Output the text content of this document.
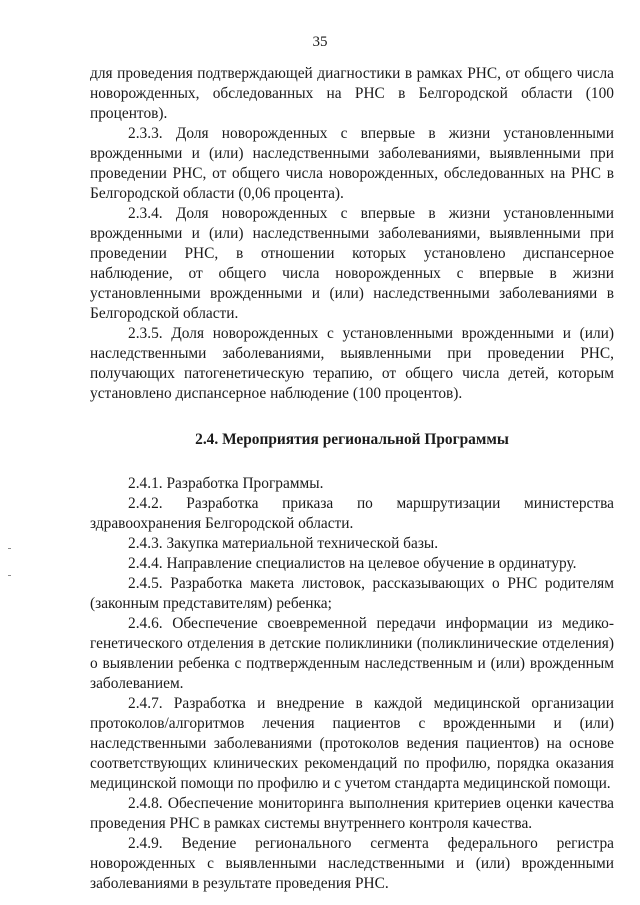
35

для проведения подтверждающей диагностики в рамках РНС, от общего числа новорожденных, обследованных на РНС в Белгородской области (100 процентов).

2.3.3. Доля новорожденных с впервые в жизни установленными врожденными и (или) наследственными заболеваниями, выявленными при проведении РНС, от общего числа новорожденных, обследованных на РНС в Белгородской области (0,06 процента).

2.3.4. Доля новорожденных с впервые в жизни установленными врожденными и (или) наследственными заболеваниями, выявленными при проведении РНС, в отношении которых установлено диспансерное наблюдение, от общего числа новорожденных с впервые в жизни установленными врожденными и (или) наследственными заболеваниями в Белгородской области.

2.3.5. Доля новорожденных с установленными врожденными и (или) наследственными заболеваниями, выявленными при проведении РНС, получающих патогенетическую терапию, от общего числа детей, которым установлено диспансерное наблюдение (100 процентов).

2.4. Мероприятия региональной Программы

2.4.1. Разработка Программы.

2.4.2. Разработка приказа по маршрутизации министерства здравоохранения Белгородской области.

2.4.3. Закупка материальной технической базы.

2.4.4. Направление специалистов на целевое обучение в ординатуру.

2.4.5. Разработка макета листовок, рассказывающих о РНС родителям (законным представителям) ребенка;

2.4.6. Обеспечение своевременной передачи информации из медико-генетического отделения в детские поликлиники (поликлинические отделения) о выявлении ребенка с подтвержденным наследственным и (или) врожденным заболеванием.

2.4.7. Разработка и внедрение в каждой медицинской организации протоколов/алгоритмов лечения пациентов с врожденными и (или) наследственными заболеваниями (протоколов ведения пациентов) на основе соответствующих клинических рекомендаций по профилю, порядка оказания медицинской помощи по профилю и с учетом стандарта медицинской помощи.

2.4.8. Обеспечение мониторинга выполнения критериев оценки качества проведения РНС в рамках системы внутреннего контроля качества.

2.4.9. Ведение регионального сегмента федерального регистра новорожденных с выявленными наследственными и (или) врожденными заболеваниями в результате проведения РНС.
